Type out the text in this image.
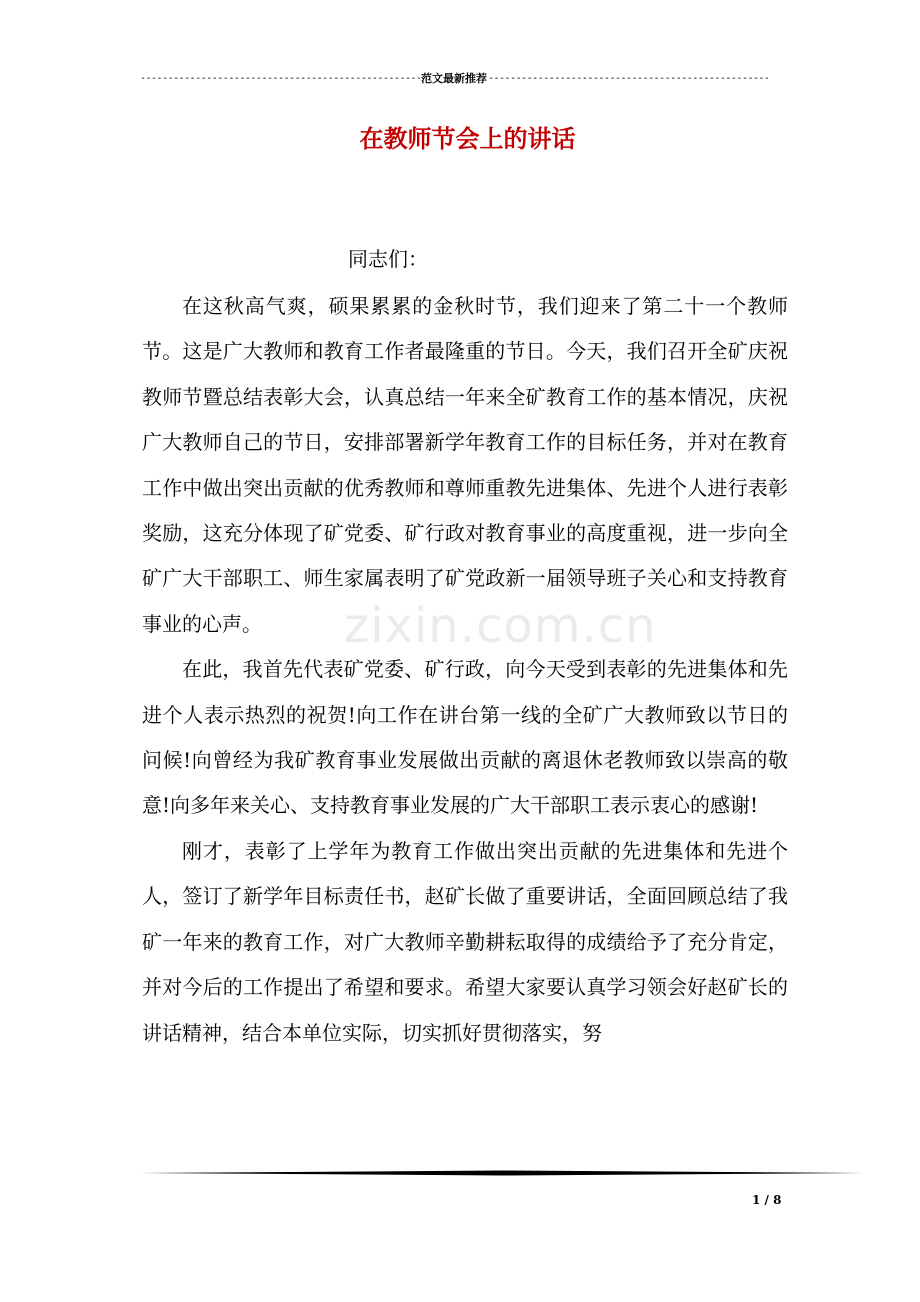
-----
范文最新推荐
-----
在教师节会上的讲话
zixin.com.cn

同志们：

在这秋高气爽，硕果累累的金秋时节，我们迎来了第二十一个教师节。这是广大教师和教育工作者最隆重的节日。今天，我们召开全矿庆祝教师节暨总结表彰大会，认真总结一年来全矿教育工作的基本情况，庆祝广大教师自己的节日，安排部署新学年教育工作的目标任务，并对在教育工作中做出突出贡献的优秀教师和尊师重教先进集体、先进个人进行表彰奖励，这充分体现了矿党委、矿行政对教育事业的高度重视，进一步向全矿广大干部职工、师生家属表明了矿党政新一届领导班子关心和支持教育事业的心声。

在此，我首先代表矿党委、矿行政，向今天受到表彰的先进集体和先进个人表示热烈的祝贺!向工作在讲台第一线的全矿广大教师致以节日的问候!向曾经为我矿教育事业发展做出贡献的离退休老教师致以崇高的敬意!向多年来关心、支持教育事业发展的广大干部职工表示衷心的感谢!

刚才，表彰了上学年为教育工作做出突出贡献的先进集体和先进个人，签订了新学年目标责任书，赵矿长做了重要讲话，全面回顾总结了我矿一年来的教育工作，对广大教师辛勤耕耘取得的成绩给予了充分肯定，并对今后的工作提出了希望和要求。希望大家要认真学习领会好赵矿长的讲话精神，结合本单位实际，切实抓好贯彻落实，努

1 / 8
